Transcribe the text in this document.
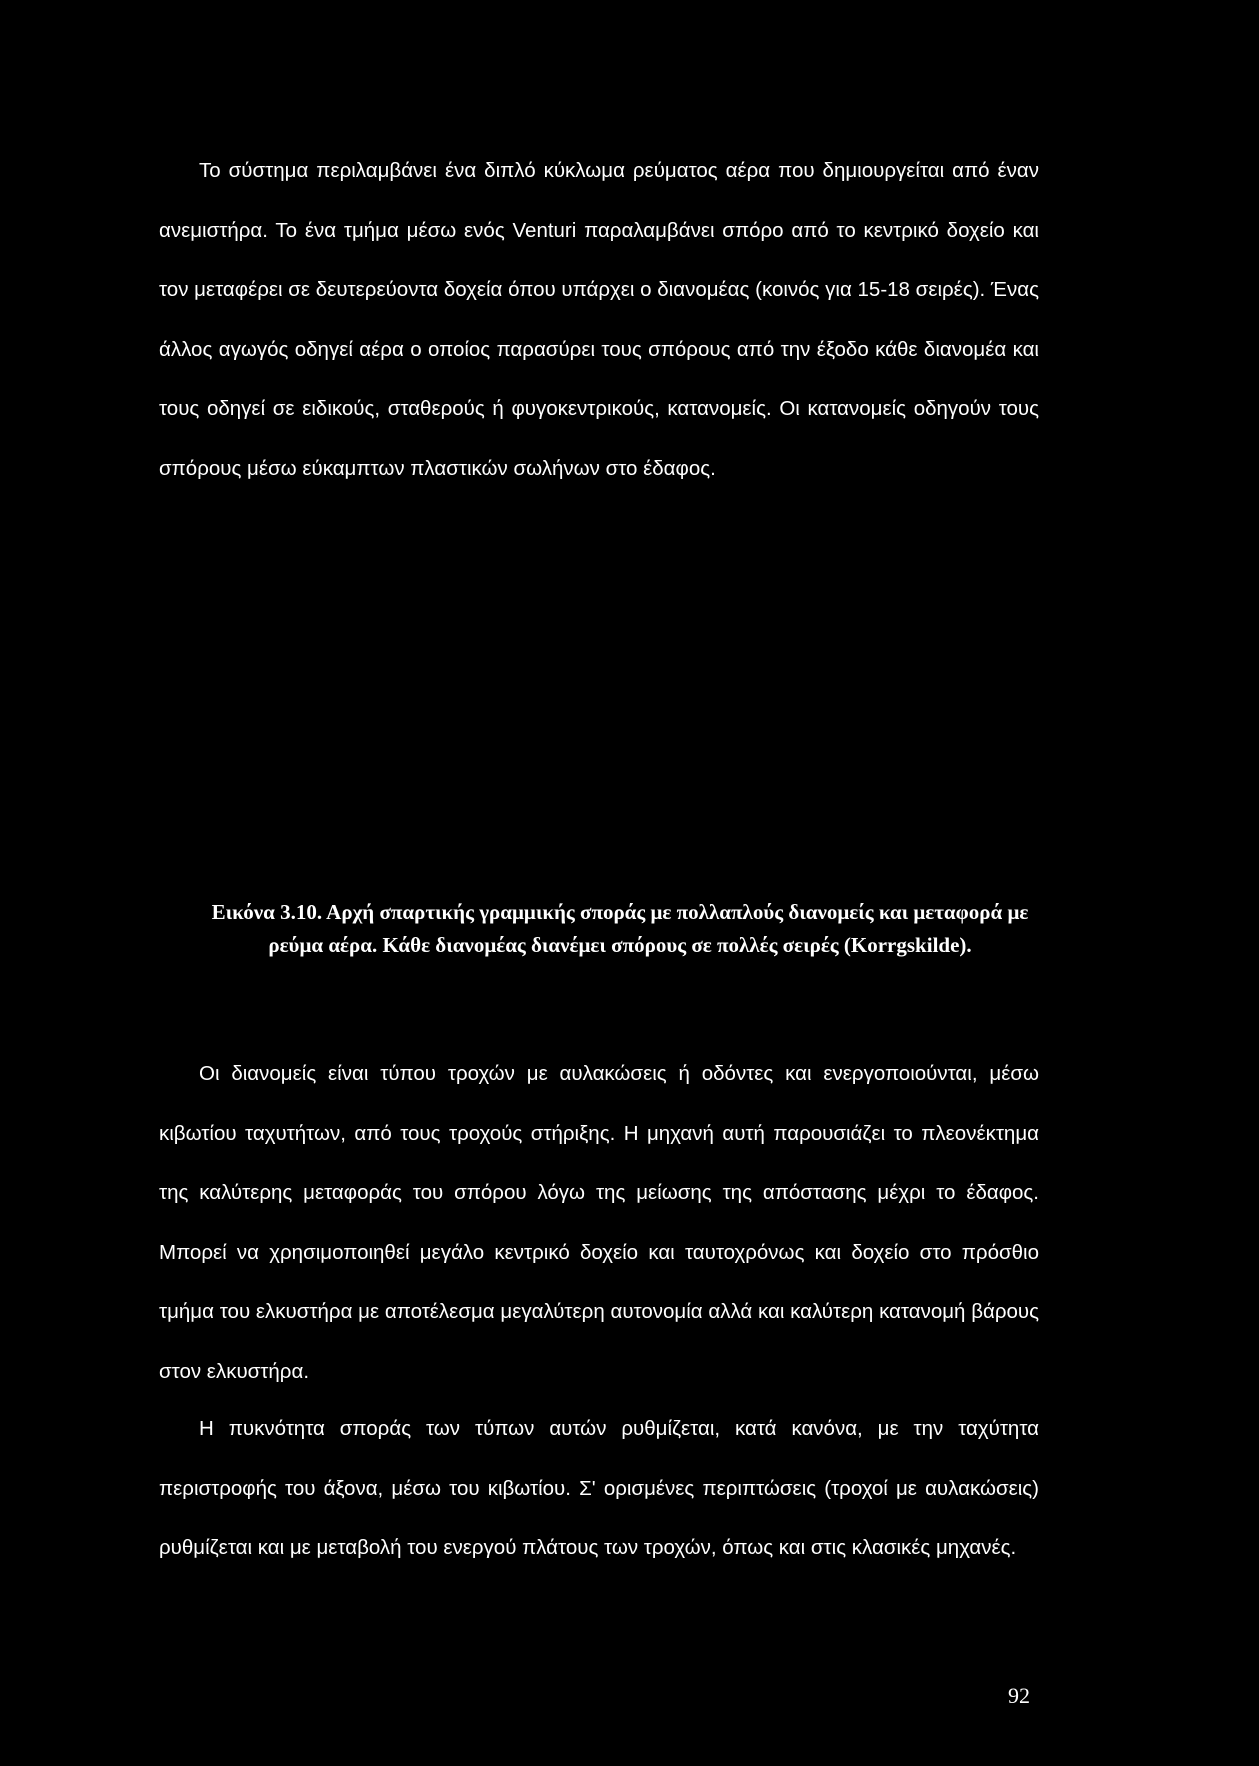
Το σύστημα περιλαμβάνει ένα διπλό κύκλωμα ρεύματος αέρα που δημιουργείται από έναν ανεμιστήρα. Το ένα τμήμα μέσω ενός Venturi παραλαμβάνει σπόρο από το κεντρικό δοχείο και τον μεταφέρει σε δευτερεύοντα δοχεία όπου υπάρχει ο διανομέας (κοινός για 15-18 σειρές). Ένας άλλος αγωγός οδηγεί αέρα ο οποίος παρασύρει τους σπόρους από την έξοδο κάθε διανομέα και τους οδηγεί σε ειδικούς, σταθερούς ή φυγοκεντρικούς, κατανομείς. Οι κατανομείς οδηγούν τους σπόρους μέσω εύκαμπτων πλαστικών σωλήνων στο έδαφος.

Εικόνα 3.10. Αρχή σπαρτικής γραμμικής σποράς με πολλαπλούς διανομείς και μεταφορά με ρεύμα αέρα. Κάθε διανομέας διανέμει σπόρους σε πολλές σειρές (Korrgskilde).

Οι διανομείς είναι τύπου τροχών με αυλακώσεις ή οδόντες και ενεργοποιούνται, μέσω κιβωτίου ταχυτήτων, από τους τροχούς στήριξης. Η μηχανή αυτή παρουσιάζει το πλεονέκτημα της καλύτερης μεταφοράς του σπόρου λόγω της μείωσης της απόστασης μέχρι το έδαφος. Μπορεί να χρησιμοποιηθεί μεγάλο κεντρικό δοχείο και ταυτοχρόνως και δοχείο στο πρόσθιο τμήμα του ελκυστήρα με αποτέλεσμα μεγαλύτερη αυτονομία αλλά και καλύτερη κατανομή βάρους στον ελκυστήρα.

Η πυκνότητα σποράς των τύπων αυτών ρυθμίζεται, κατά κανόνα, με την ταχύτητα περιστροφής του άξονα, μέσω του κιβωτίου. Σ' ορισμένες περιπτώσεις (τροχοί με αυλακώσεις) ρυθμίζεται και με μεταβολή του ενεργού πλάτους των τροχών, όπως και στις κλασικές μηχανές.

92
